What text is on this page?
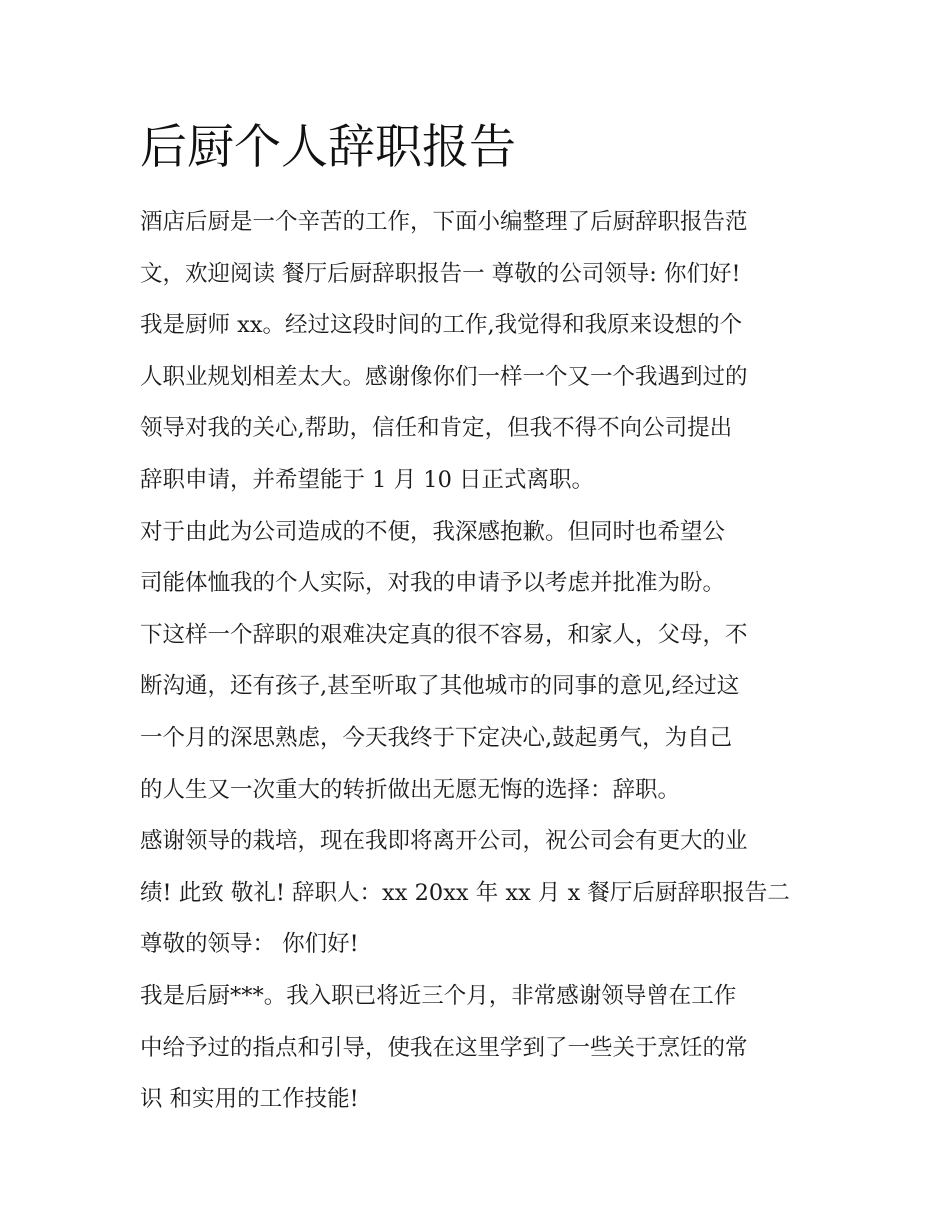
后厨个人辞职报告
酒店后厨是一个辛苦的工作，下面小编整理了后厨辞职报告范
文，欢迎阅读 餐厅后厨辞职报告一 尊敬的公司领导: 你们好!
我是厨师 xx。经过这段时间的工作,我觉得和我原来设想的个
人职业规划相差太大。感谢像你们一样一个又一个我遇到过的
领导对我的关心,帮助，信任和肯定，但我不得不向公司提出
辞职申请，并希望能于 1 月 10 日正式离职。
对于由此为公司造成的不便，我深感抱歉。但同时也希望公
司能体恤我的个人实际，对我的申请予以考虑并批准为盼。
下这样一个辞职的艰难决定真的很不容易，和家人，父母，不
断沟通，还有孩子,甚至听取了其他城市的同事的意见,经过这
一个月的深思熟虑，今天我终于下定决心,鼓起勇气，为自己
的人生又一次重大的转折做出无愿无悔的选择：辞职。
感谢领导的栽培，现在我即将离开公司，祝公司会有更大的业
绩! 此致 敬礼! 辞职人：xx 20xx 年 xx 月 x 餐厅后厨辞职报告二
尊敬的领导： 你们好!
我是后厨***。我入职已将近三个月，非常感谢领导曾在工作
中给予过的指点和引导，使我在这里学到了一些关于烹饪的常
识 和实用的工作技能!
